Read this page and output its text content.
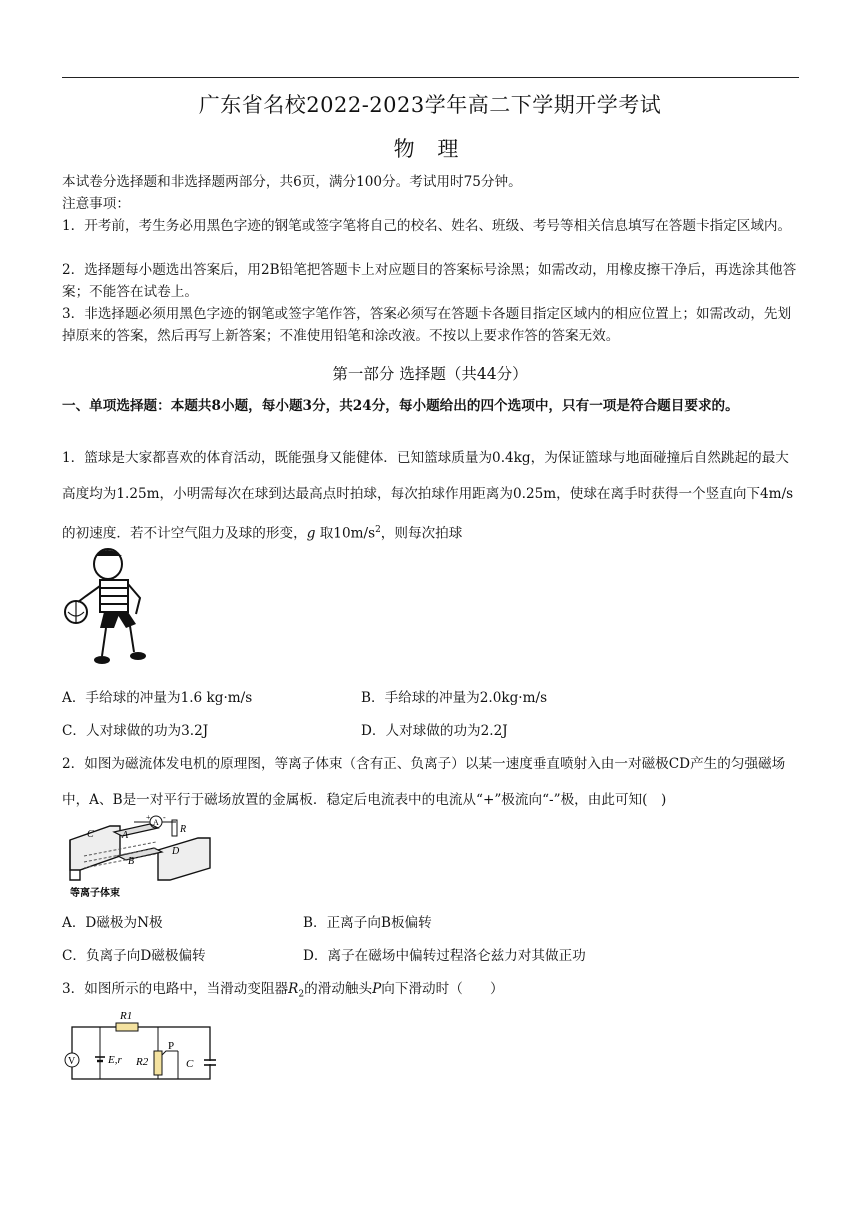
广东省名校2022-2023学年高二下学期开学考试
物 理
本试卷分选择题和非选择题两部分，共6页，满分100分。考试用时75分钟。
注意事项：
1．开考前，考生务必用黑色字迹的钢笔或签字笔将自己的校名、姓名、班级、考号等相关信息填写在答题卡指定区域内。
2．选择题每小题选出答案后，用2B铅笔把答题卡上对应题目的答案标号涂黑；如需改动，用橡皮擦干净后，再选涂其他答案；不能答在试卷上。
3．非选择题必须用黑色字迹的钢笔或签字笔作答，答案必须写在答题卡各题目指定区域内的相应位置上；如需改动，先划掉原来的答案，然后再写上新答案；不准使用铅笔和涂改液。不按以上要求作答的答案无效。
第一部分 选择题（共44分）
一、单项选择题：本题共8小题，每小题3分，共24分，每小题给出的四个选项中，只有一项是符合题目要求的。
1．篮球是大家都喜欢的体育活动，既能强身又能健体．已知篮球质量为0.4kg，为保证篮球与地面碰撞后自然跳起的最大高度均为1.25m，小明需每次在球到达最高点时拍球，每次拍球作用距离为0.25m，使球在离手时获得一个竖直向下4m/s的初速度．若不计空气阻力及球的形变，g 取$10m/s^2$，则每次拍球
A．手给球的冲量为1.6 kg·m/s	B．手给球的冲量为2.0kg·m/s
C．人对球做的功为3.2J	D．人对球做的功为2.2J
2．如图为磁流体发电机的原理图，等离子体束（含有正、负离子）以某一速度垂直喷射入由一对磁极CD产生的匀强磁场中，A、B是一对平行于磁场放置的金属板．稳定后电流表中的电流从“+”极流向“-”极，由此可知(　)
C	A
B
D
R
A
+ -
等离子体束
A．D磁极为N极	B．正离子向B板偏转
C．负离子向D磁极偏转	D．离子在磁场中偏转过程洛仑兹力对其做正功
3．如图所示的电路中，当滑动变阻器$R_2$的滑动触头P向下滑动时（　　）
R1
E,r R2
P
C
V
